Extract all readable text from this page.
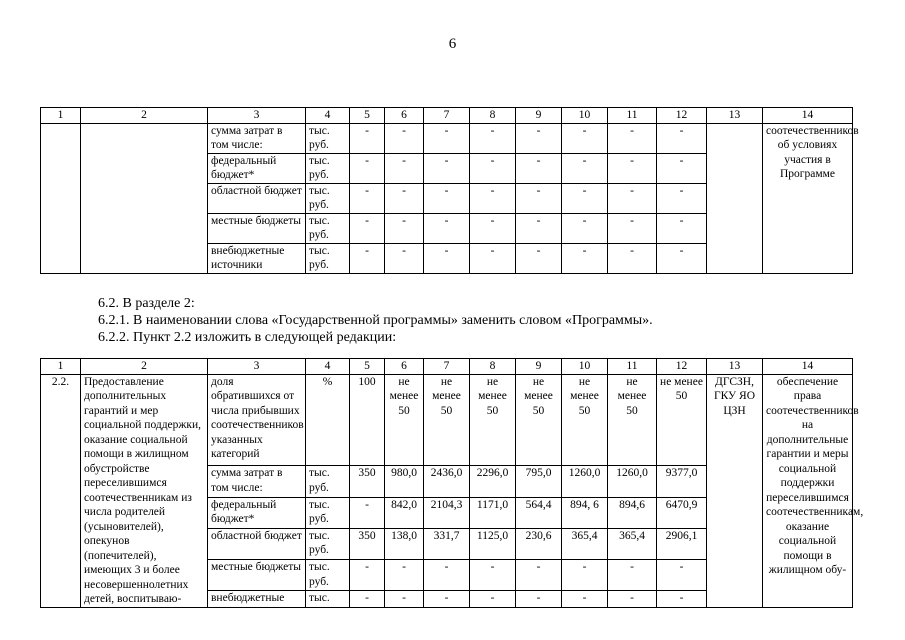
6
1	2	3	4	5	6	7	8	9	10	11	12	13	14
		сумма затрат в том числе:	тыс. руб.	-	-	-	-	-	-	-	-		соотечественников об условиях участия в Программе
		федеральный бюджет*	тыс. руб.	-	-	-	-	-	-	-	-		
		областной бюджет	тыс. руб.	-	-	-	-	-	-	-	-		
		местные бюджеты	тыс. руб.	-	-	-	-	-	-	-	-		
		внебюджетные источники	тыс. руб.	-	-	-	-	-	-	-	-		
6.2. В разделе 2:
6.2.1. В наименовании слова «Государственной программы» заменить словом «Программы».
6.2.2. Пункт 2.2 изложить в следующей редакции:
1	2	3	4	5	6	7	8	9	10	11	12	13	14
2.2.	Предоставление дополнительных гарантий и мер социальной поддержки, оказание социальной помощи в жилищном обустройстве переселившимся соотечественникам из числа родителей (усыновителей), опекунов (попечителей), имеющих 3 и более несовершеннолетних детей, воспитываю-	доля обратившихся от числа прибывших соотечественников указанных категорий	%	100	не менее 50	не менее 50	не менее 50	не менее 50	не менее 50	не менее 50	не менее 50	ДГСЗН, ГКУ ЯО ЦЗН	обеспечение права соотечественников на дополнительные гарантии и меры социальной поддержки переселившимся соотечественникам, оказание социальной помощи в жилищном обу-
		сумма затрат в том числе:	тыс. руб.	350	980,0	2436,0	2296,0	795,0	1260,0	1260,0	9377,0		
		федеральный бюджет*	тыс. руб.	-	842,0	2104,3	1171,0	564,4	894, 6	894,6	6470,9		
		областной бюджет	тыс. руб.	350	138,0	331,7	1125,0	230,6	365,4	365,4	2906,1		
		местные бюджеты	тыс. руб.	-	-	-	-	-	-	-	-		
		внебюджетные	тыс.	-	-	-	-	-	-	-	-		
